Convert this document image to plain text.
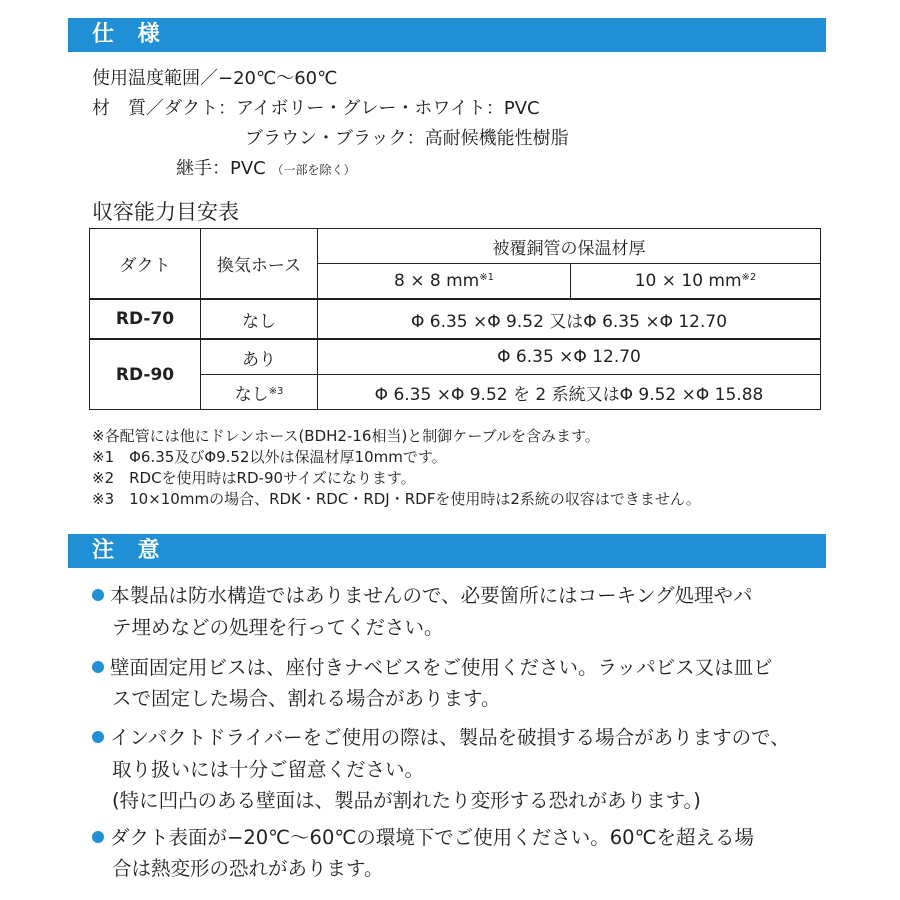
仕 様
使用温度範囲／−20℃〜60℃
材　質／ダクト：アイボリー・グレー・ホワイト：PVC
ブラウン・ブラック：高耐候機能性樹脂
継手：PVC （一部を除く）
収容能力目安表
ダクト	換気ホース	被覆銅管の保温材厚	
		8 × 8 $mm^{※1}$	10 × 10 $mm^{※2}$
RD-70	なし	Φ 6.35 ×Φ 9.52 又はΦ 6.35 ×Φ 12.70	
RD-90	あり	Φ 6.35 ×Φ 12.70	
	なし$^{※3}$	Φ 6.35 ×Φ 9.52 を 2 系統又はΦ 9.52 ×Φ 15.88	
※各配管には他にドレンホース(BDH2-16相当)と制御ケーブルを含みます。
※1　Φ6.35及びΦ9.52以外は保温材厚10mmです。
※2　RDCを使用時はRD-90サイズになります。
※3　10×10mmの場合、RDK・RDC・RDJ・RDFを使用時は2系統の収容はできません。
注 意
本製品は防水構造ではありませんので、必要箇所にはコーキング処理やパ
テ埋めなどの処理を行ってください。
壁面固定用ビスは、座付きナベビスをご使用ください。ラッパビス又は皿ビ
スで固定した場合、割れる場合があります。
インパクトドライバーをご使用の際は、製品を破損する場合がありますので、
取り扱いには十分ご留意ください。
(特に凹凸のある壁面は、製品が割れたり変形する恐れがあります。)
ダクト表面が−20℃〜60℃の環境下でご使用ください。60℃を超える場
合は熱変形の恐れがあります。
